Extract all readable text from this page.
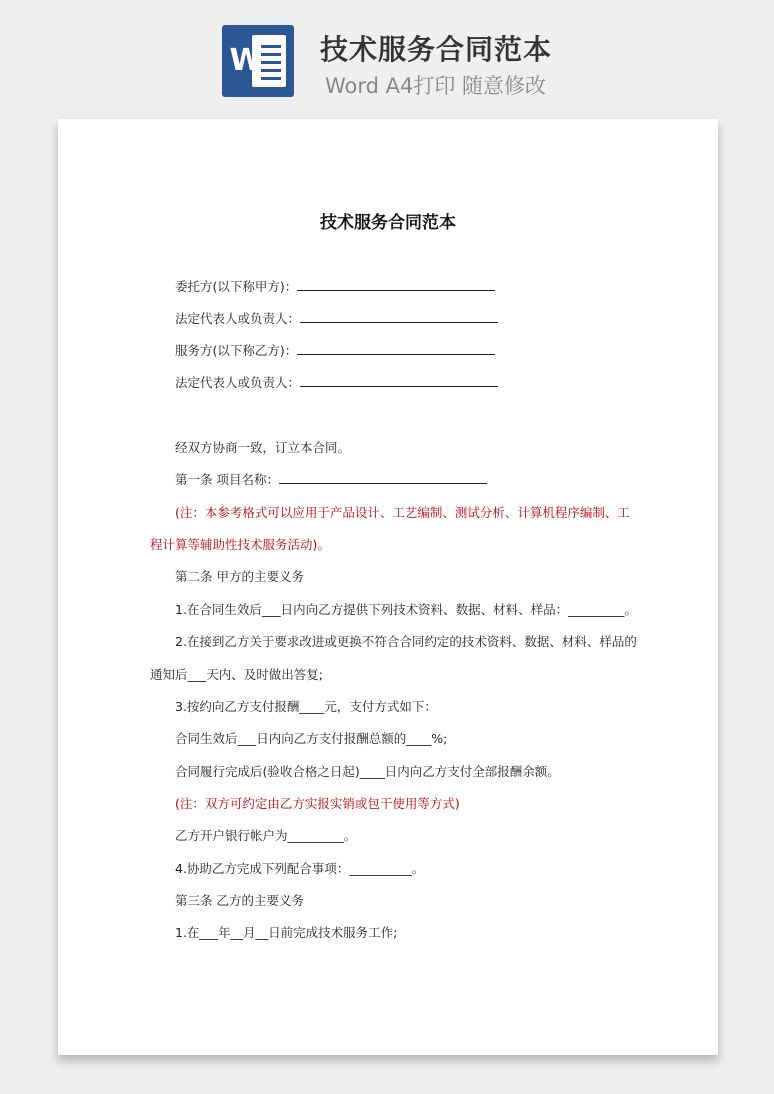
W 技术服务合同范本
Word A4打印 随意修改
技术服务合同范本
委托方(以下称甲方)：
法定代表人或负责人：
服务方(以下称乙方)：
法定代表人或负责人：
经双方协商一致，订立本合同。
第一条 项目名称：
(注：本参考格式可以应用于产品设计、工艺编制、测试分析、计算机程序编制、工
程计算等辅助性技术服务活动)。
第二条 甲方的主要义务
1.在合同生效后___日内向乙方提供下列技术资料、数据、材料、样品：_________。
2.在接到乙方关于要求改进或更换不符合合同约定的技术资料、数据、材料、样品的
通知后___天内、及时做出答复;
3.按约向乙方支付报酬____元，支付方式如下：
合同生效后___日内向乙方支付报酬总额的____%;
合同履行完成后(验收合格之日起)____日内向乙方支付全部报酬余额。
(注：双方可约定由乙方实报实销或包干使用等方式)
乙方开户银行帐户为_________。
4.协助乙方完成下列配合事项：__________。
第三条 乙方的主要义务
1.在___年__月__日前完成技术服务工作;
